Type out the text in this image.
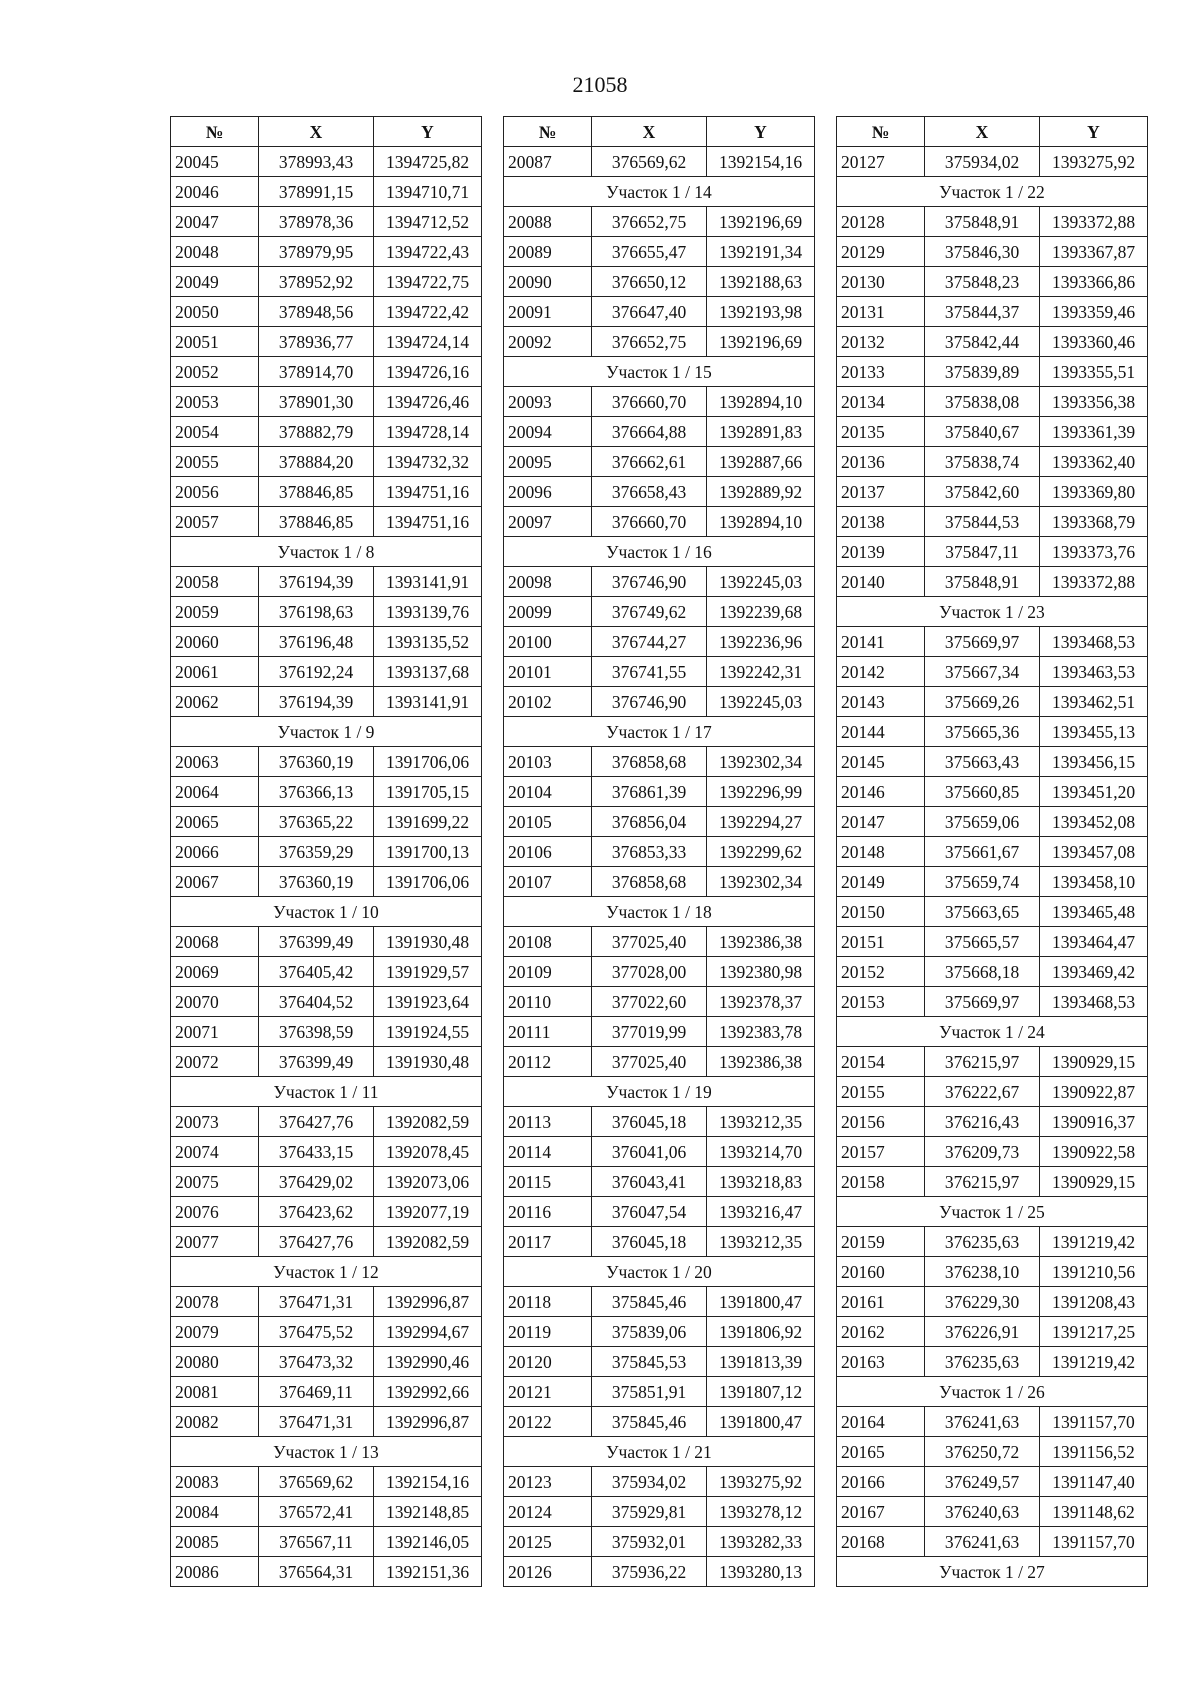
21058
№	X	Y
20045	378993,43	1394725,82
20046	378991,15	1394710,71
20047	378978,36	1394712,52
20048	378979,95	1394722,43
20049	378952,92	1394722,75
20050	378948,56	1394722,42
20051	378936,77	1394724,14
20052	378914,70	1394726,16
20053	378901,30	1394726,46
20054	378882,79	1394728,14
20055	378884,20	1394732,32
20056	378846,85	1394751,16
20057	378846,85	1394751,16
Участок 1 / 8		
20058	376194,39	1393141,91
20059	376198,63	1393139,76
20060	376196,48	1393135,52
20061	376192,24	1393137,68
20062	376194,39	1393141,91
Участок 1 / 9		
20063	376360,19	1391706,06
20064	376366,13	1391705,15
20065	376365,22	1391699,22
20066	376359,29	1391700,13
20067	376360,19	1391706,06
Участок 1 / 10		
20068	376399,49	1391930,48
20069	376405,42	1391929,57
20070	376404,52	1391923,64
20071	376398,59	1391924,55
20072	376399,49	1391930,48
Участок 1 / 11		
20073	376427,76	1392082,59
20074	376433,15	1392078,45
20075	376429,02	1392073,06
20076	376423,62	1392077,19
20077	376427,76	1392082,59
Участок 1 / 12		
20078	376471,31	1392996,87
20079	376475,52	1392994,67
20080	376473,32	1392990,46
20081	376469,11	1392992,66
20082	376471,31	1392996,87
Участок 1 / 13		
20083	376569,62	1392154,16
20084	376572,41	1392148,85
20085	376567,11	1392146,05
20086	376564,31	1392151,36
№	X	Y
20087	376569,62	1392154,16
Участок 1 / 14		
20088	376652,75	1392196,69
20089	376655,47	1392191,34
20090	376650,12	1392188,63
20091	376647,40	1392193,98
20092	376652,75	1392196,69
Участок 1 / 15		
20093	376660,70	1392894,10
20094	376664,88	1392891,83
20095	376662,61	1392887,66
20096	376658,43	1392889,92
20097	376660,70	1392894,10
Участок 1 / 16		
20098	376746,90	1392245,03
20099	376749,62	1392239,68
20100	376744,27	1392236,96
20101	376741,55	1392242,31
20102	376746,90	1392245,03
Участок 1 / 17		
20103	376858,68	1392302,34
20104	376861,39	1392296,99
20105	376856,04	1392294,27
20106	376853,33	1392299,62
20107	376858,68	1392302,34
Участок 1 / 18		
20108	377025,40	1392386,38
20109	377028,00	1392380,98
20110	377022,60	1392378,37
20111	377019,99	1392383,78
20112	377025,40	1392386,38
Участок 1 / 19		
20113	376045,18	1393212,35
20114	376041,06	1393214,70
20115	376043,41	1393218,83
20116	376047,54	1393216,47
20117	376045,18	1393212,35
Участок 1 / 20		
20118	375845,46	1391800,47
20119	375839,06	1391806,92
20120	375845,53	1391813,39
20121	375851,91	1391807,12
20122	375845,46	1391800,47
Участок 1 / 21		
20123	375934,02	1393275,92
20124	375929,81	1393278,12
20125	375932,01	1393282,33
20126	375936,22	1393280,13
№	X	Y
20127	375934,02	1393275,92
Участок 1 / 22		
20128	375848,91	1393372,88
20129	375846,30	1393367,87
20130	375848,23	1393366,86
20131	375844,37	1393359,46
20132	375842,44	1393360,46
20133	375839,89	1393355,51
20134	375838,08	1393356,38
20135	375840,67	1393361,39
20136	375838,74	1393362,40
20137	375842,60	1393369,80
20138	375844,53	1393368,79
20139	375847,11	1393373,76
20140	375848,91	1393372,88
Участок 1 / 23		
20141	375669,97	1393468,53
20142	375667,34	1393463,53
20143	375669,26	1393462,51
20144	375665,36	1393455,13
20145	375663,43	1393456,15
20146	375660,85	1393451,20
20147	375659,06	1393452,08
20148	375661,67	1393457,08
20149	375659,74	1393458,10
20150	375663,65	1393465,48
20151	375665,57	1393464,47
20152	375668,18	1393469,42
20153	375669,97	1393468,53
Участок 1 / 24		
20154	376215,97	1390929,15
20155	376222,67	1390922,87
20156	376216,43	1390916,37
20157	376209,73	1390922,58
20158	376215,97	1390929,15
Участок 1 / 25		
20159	376235,63	1391219,42
20160	376238,10	1391210,56
20161	376229,30	1391208,43
20162	376226,91	1391217,25
20163	376235,63	1391219,42
Участок 1 / 26		
20164	376241,63	1391157,70
20165	376250,72	1391156,52
20166	376249,57	1391147,40
20167	376240,63	1391148,62
20168	376241,63	1391157,70
Участок 1 / 27		
